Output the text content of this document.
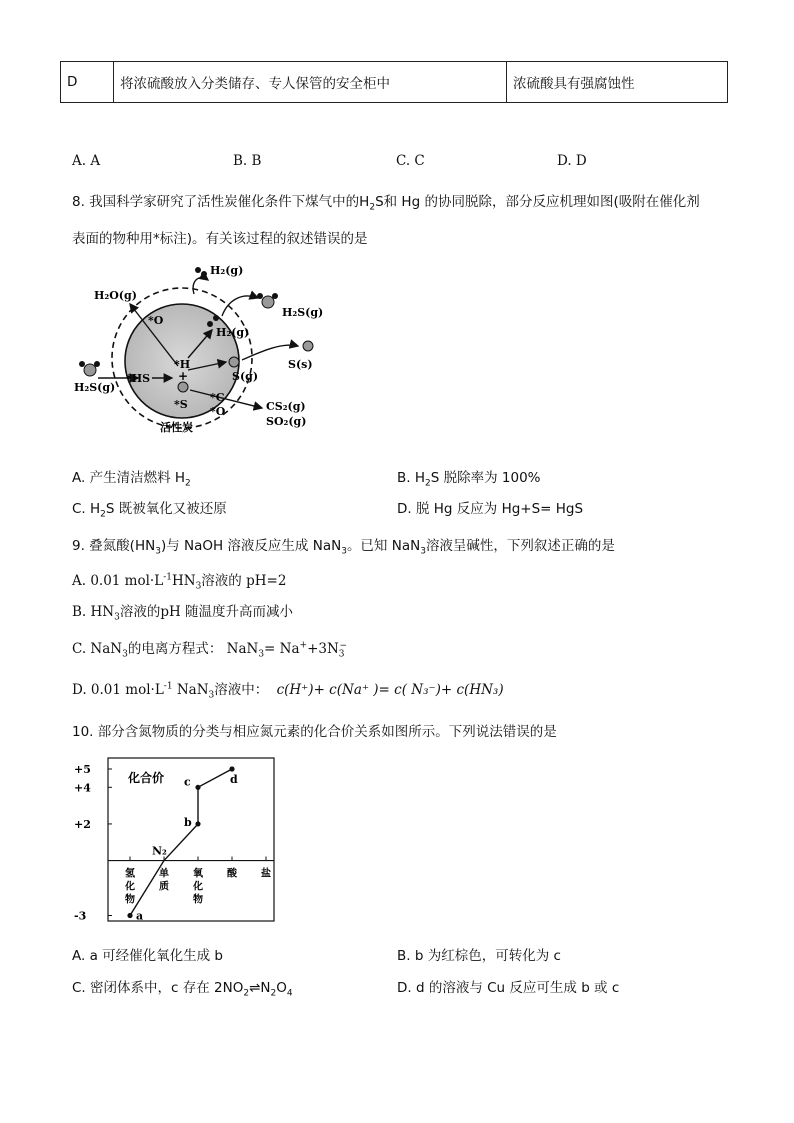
D	将浓硫酸放入分类储存、专人保管的安全柜中	浓硫酸具有强腐蚀性
A. A	B. B	C. C	D. D
8. 我国科学家研究了活性炭催化条件下煤气中的$H_2S$和 Hg 的协同脱除，部分反应机理如图(吸附在催化剂
表面的物种用*标注)。有关该过程的叙述错误的是
H₂O(g)
H₂(g)
H₂(g)
H₂S(g)
S(s)
H₂S(g)
*O
*HS
*H
+
*S
S(g)
*C
*O	CS₂(g)
SO₂(g)
活性炭
A. 产生清洁燃料 $H_2$	B. $H_2S$ 脱除率为 100%
C. $H_2S$ 既被氧化又被还原	D. 脱 Hg 反应为 Hg+S= HgS
9. 叠氮酸$(HN_3)$与 NaOH 溶液反应生成 NaN$_3$。已知 NaN$_3$溶液呈碱性，下列叙述正确的是
A. 0.01 $mol\cdot L^{-1}HN_3$溶液的 pH=2
B. $HN_3$溶液的pH 随温度升高而减小
C. NaN$_3$的电离方程式： $NaN_3= Na^++3N_3^-$
D. 0.01 $mol\cdot L^{-1}$ NaN$_3$溶液中： c(H⁺)+ c(Na⁺ )= c( N₃⁻)+ c(HN₃)
10. 部分含氮物质的分类与相应氮元素的化合价关系如图所示。下列说法错误的是
+5
+4
+2
-3
氢化物
单质
氧化物
酸 盐
a
N₂
b
c	d
化合价
A. a 可经催化氧化生成 b	B. b 为红棕色，可转化为 c
C. 密闭体系中，c 存在 $2NO_2\rightleftharpoons N_2O_4$	D. d 的溶液与 Cu 反应可生成 b 或 c
